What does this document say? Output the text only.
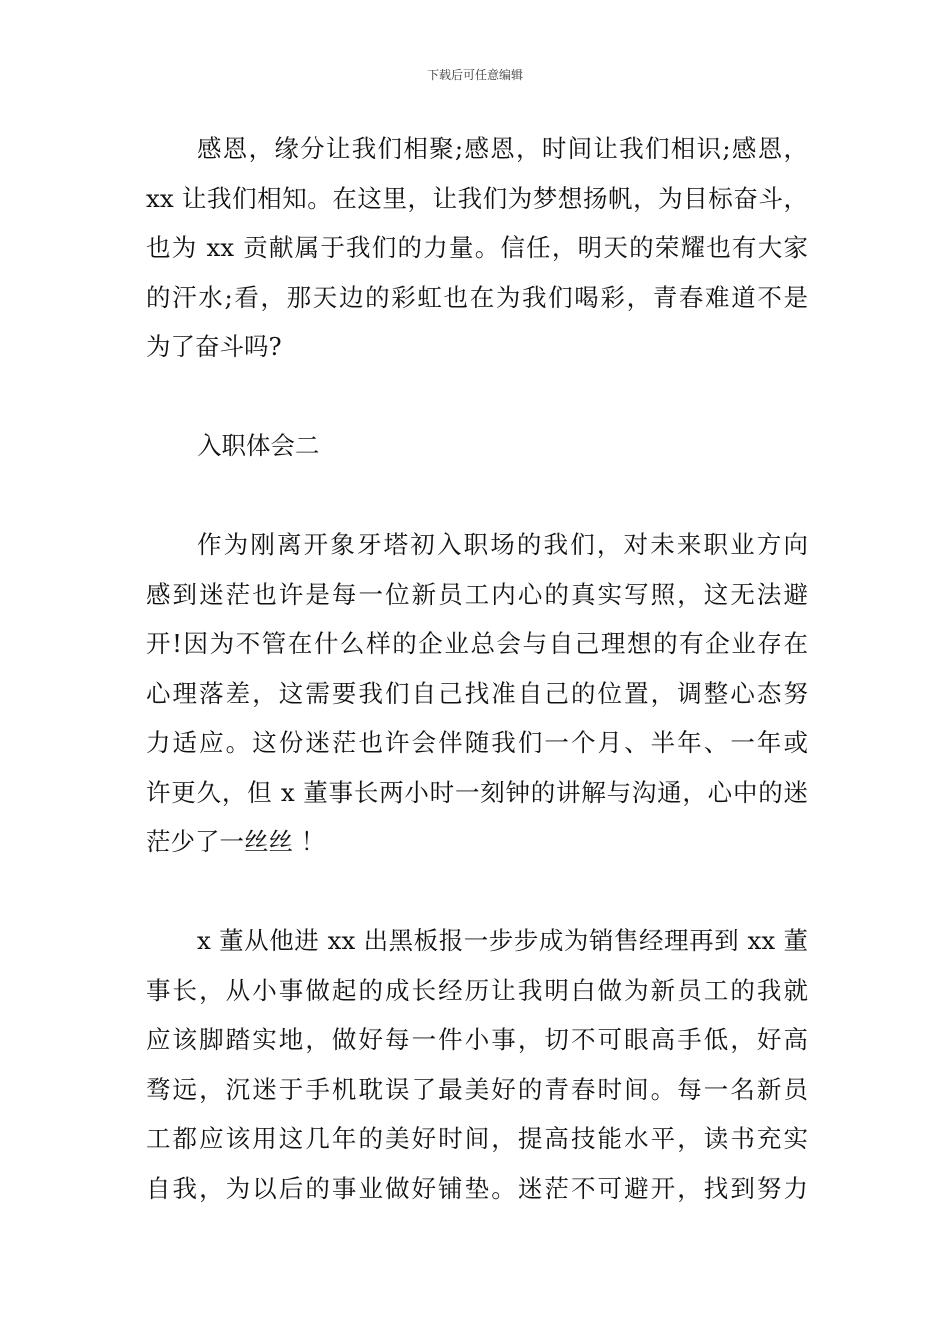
下载后可任意编辑
感恩，缘分让我们相聚;感恩，时间让我们相识;感恩，
xx 让我们相知。在这里，让我们为梦想扬帆，为目标奋斗，
也为 xx 贡献属于我们的力量。信任，明天的荣耀也有大家
的汗水;看，那天边的彩虹也在为我们喝彩，青春难道不是
为了奋斗吗?
入职体会二
作为刚离开象牙塔初入职场的我们，对未来职业方向
感到迷茫也许是每一位新员工内心的真实写照，这无法避
开!因为不管在什么样的企业总会与自己理想的有企业存在
心理落差，这需要我们自己找准自己的位置，调整心态努
力适应。这份迷茫也许会伴随我们一个月、半年、一年或
许更久，但 x 董事长两小时一刻钟的讲解与沟通，心中的迷
茫少了一丝丝 ！
x 董从他进 xx 出黑板报一步步成为销售经理再到 xx 董
事长，从小事做起的成长经历让我明白做为新员工的我就
应该脚踏实地，做好每一件小事，切不可眼高手低，好高
骛远，沉迷于手机耽误了最美好的青春时间。每一名新员
工都应该用这几年的美好时间，提高技能水平，读书充实
自我，为以后的事业做好铺垫。迷茫不可避开，找到努力
